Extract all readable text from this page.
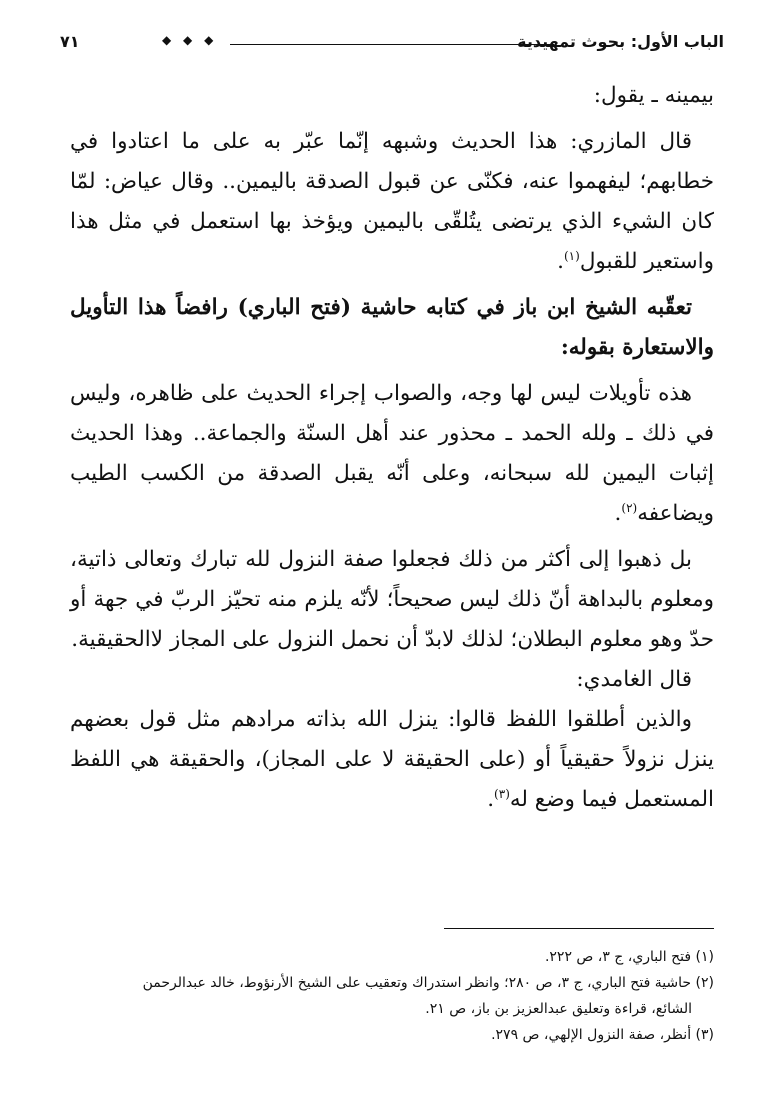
الباب الأول: بحوث تمهيدية
◆ ◆ ◆
٧١

بيمينه ـ يقول:

قال المازري: هذا الحديث وشبهه إنّما عبّر به على ما اعتادوا في خطابهم؛ ليفهموا عنه، فكنّى عن قبول الصدقة باليمين.. وقال عياض: لمّا كان الشيء الذي يرتضى يتُلقّى باليمين ويؤخذ بها استعمل في مثل هذا واستعير للقبول$^{(١)}$.

تعقّبه الشيخ ابن باز في كتابه حاشية (فتح الباري) رافضاً هذا التأويل والاستعارة بقوله:

هذه تأويلات ليس لها وجه، والصواب إجراء الحديث على ظاهره، وليس في ذلك ـ ولله الحمد ـ محذور عند أهل السنّة والجماعة.. وهذا الحديث إثبات اليمين لله سبحانه، وعلى أنّه يقبل الصدقة من الكسب الطيب ويضاعفه$^{(٢)}$.

بل ذهبوا إلى أكثر من ذلك فجعلوا صفة النزول لله تبارك وتعالى ذاتية، ومعلوم بالبداهة أنّ ذلك ليس صحيحاً؛ لأنّه يلزم منه تحيّز الربّ في جهة أو حدّ وهو معلوم البطلان؛ لذلك لابدّ أن نحمل النزول على المجاز لاالحقيقية.

قال الغامدي:

والذين أطلقوا اللفظ قالوا: ينزل الله بذاته مرادهم مثل قول بعضهم ينزل نزولاً حقيقياً أو (على الحقيقة لا على المجاز)، والحقيقة هي اللفظ المستعمل فيما وضع له$^{(٣)}$.

(١) فتح الباري، ج ٣، ص ٢٢٢.

(٢) حاشية فتح الباري، ج ٣، ص ٢٨٠؛ وانظر استدراك وتعقيب على الشيخ الأرنؤوط، خالد عبدالرحمن

الشائع، قراءة وتعليق عبدالعزيز بن باز، ص ٢١.

(٣) أنظر، صفة النزول الإلهي، ص ٢٧٩.
